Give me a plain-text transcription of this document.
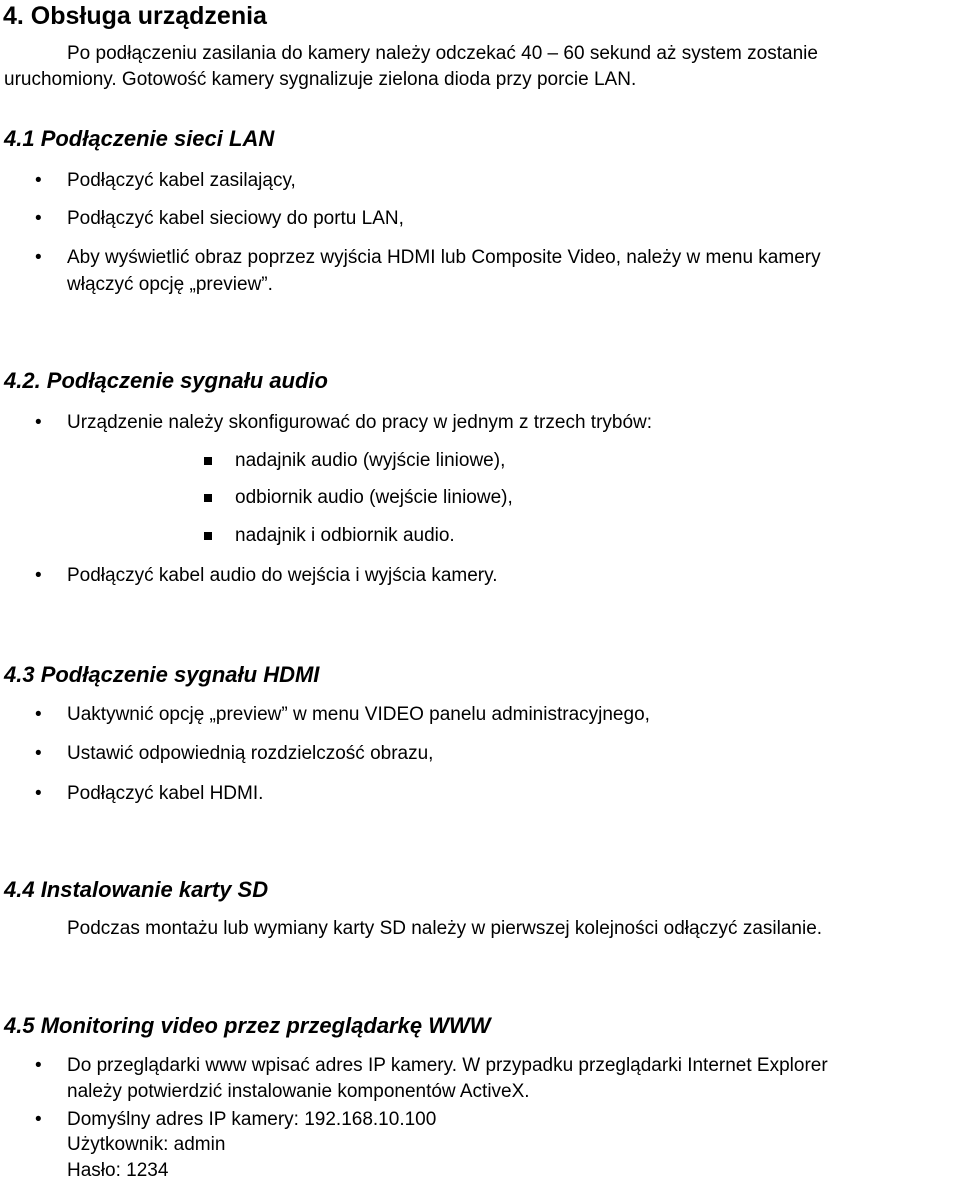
4. Obsługa urządzenia
Po podłączeniu zasilania do kamery należy odczekać 40 – 60 sekund aż system zostanie
uruchomiony. Gotowość kamery sygnalizuje zielona dioda przy porcie LAN.
4.1 Podłączenie sieci LAN
• Podłączyć kabel zasilający,
• Podłączyć kabel sieciowy do portu LAN,
• Aby wyświetlić obraz poprzez wyjścia HDMI lub Composite Video, należy w menu kamery
włączyć opcję „preview”.
4.2. Podłączenie sygnału audio
• Urządzenie należy skonfigurować do pracy w jednym z trzech trybów:
nadajnik audio (wyjście liniowe),
odbiornik audio (wejście liniowe),
nadajnik i odbiornik audio.
• Podłączyć kabel audio do wejścia i wyjścia kamery.
4.3 Podłączenie sygnału HDMI
• Uaktywnić opcję „preview” w menu VIDEO panelu administracyjnego,
• Ustawić odpowiednią rozdzielczość obrazu,
• Podłączyć kabel HDMI.
4.4 Instalowanie karty SD
Podczas montażu lub wymiany karty SD należy w pierwszej kolejności odłączyć zasilanie.
4.5 Monitoring video przez przeglądarkę WWW
• Do przeglądarki www wpisać adres IP kamery. W przypadku przeglądarki Internet Explorer
należy potwierdzić instalowanie komponentów ActiveX.
• Domyślny adres IP kamery: 192.168.10.100
Użytkownik: admin
Hasło: 1234
